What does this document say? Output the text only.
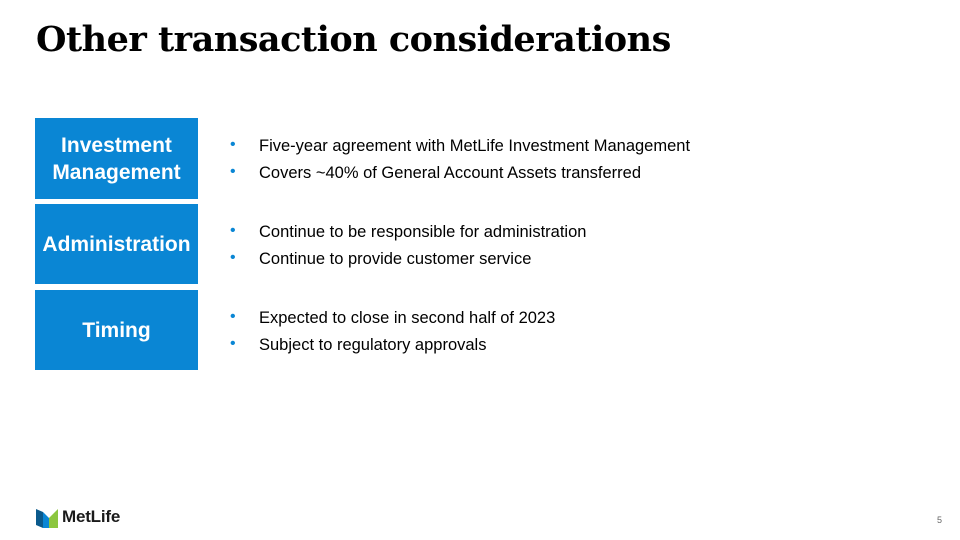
Other transaction considerations
Investment
Management
•	Five-year agreement with MetLife Investment Management
•	Covers ~40% of General Account Assets transferred
Administration
•	Continue to be responsible for administration
•	Continue to provide customer service
Timing
•	Expected to close in second half of 2023
•	Subject to regulatory approvals
MetLife	5
